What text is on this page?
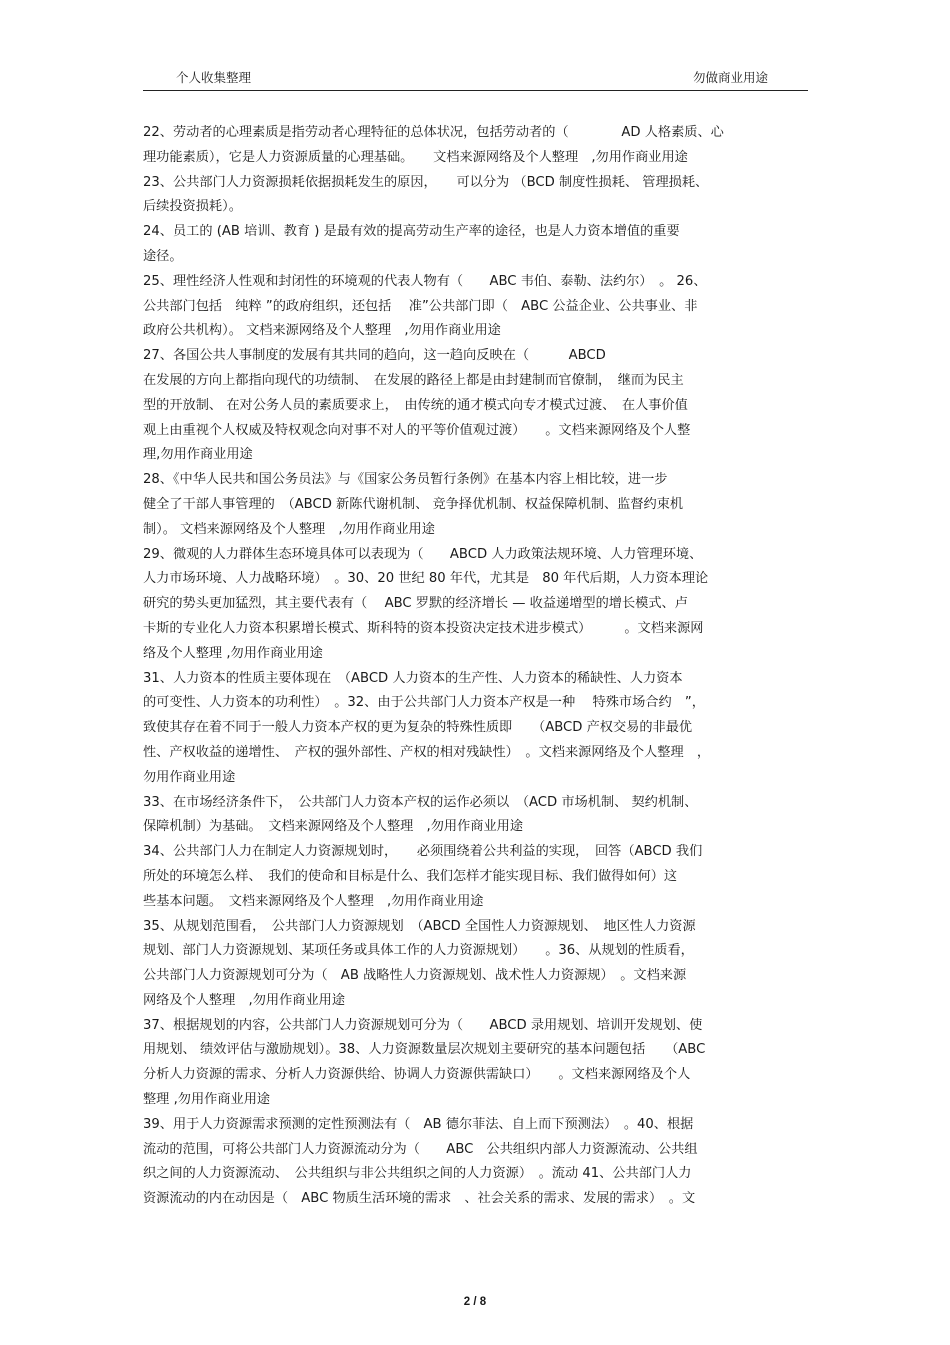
个人收集整理	勿做商业用途
22、劳动者的心理素质是指劳动者心理特征的总体状况，包括劳动者的（　　　　AD 人格素质、心
理功能素质），它是人力资源质量的心理基础。　　文档来源网络及个人整理　,勿用作商业用途
23、公共部门人力资源损耗依据损耗发生的原因，　　可以分为 （BCD 制度性损耗、 管理损耗、
后续投资损耗）。
24、员工的 (AB 培训、教育 ) 是最有效的提高劳动生产率的途径，也是人力资本增值的重要
途径。
25、理性经济人性观和封闭性的环境观的代表人物有（　　ABC 韦伯、泰勒、法约尔）　。 26、
公共部门包括　纯粹 ”的政府组织，还包括　 准”公共部门即（　ABC 公益企业、公共事业、非
政府公共机构）。 文档来源网络及个人整理　,勿用作商业用途
27、各国公共人事制度的发展有其共同的趋向，这一趋向反映在（　　　ABCD
在发展的方向上都指向现代的功绩制、　在发展的路径上都是由封建制而官僚制，　继而为民主
型的开放制、 在对公务人员的素质要求上，　由传统的通才模式向专才模式过渡、　在人事价值
观上由重视个人权威及特权观念向对事不对人的平等价值观过渡）　　。文档来源网络及个人整
理,勿用作商业用途
28、《中华人民共和国公务员法》与《国家公务员暂行条例》在基本内容上相比较，进一步
健全了干部人事管理的　（ABCD 新陈代谢机制、 竞争择优机制、权益保障机制、监督约束机
制）。 文档来源网络及个人整理　,勿用作商业用途
29、微观的人力群体生态环境具体可以表现为（　　ABCD 人力政策法规环境、人力管理环境、
人力市场环境、人力战略环境）　。30、20 世纪 80 年代，尤其是　80 年代后期，人力资本理论
研究的势头更加猛烈，其主要代表有（　 ABC 罗默的经济增长 — 收益递增型的增长模式、卢
卡斯的专业化人力资本积累增长模式、斯科特的资本投资决定技术进步模式）　　　。文档来源网
络及个人整理 ,勿用作商业用途
31、人力资本的性质主要体现在　（ABCD 人力资本的生产性、人力资本的稀缺性、人力资本
的可变性、人力资本的功利性）　。32、由于公共部门人力资本产权是一种　 特殊市场合约　”，
致使其存在着不同于一般人力资本产权的更为复杂的特殊性质即　　（ABCD 产权交易的非最优
性、产权收益的递增性、　产权的强外部性、产权的相对残缺性）　。文档来源网络及个人整理　，
勿用作商业用途
33、在市场经济条件下，　公共部门人力资本产权的运作必须以　（ACD 市场机制、 契约机制、
保障机制）为基础。　文档来源网络及个人整理　,勿用作商业用途
34、公共部门人力在制定人力资源规划时，　　必须围绕着公共利益的实现，　回答（ABCD 我们
所处的环境怎么样、　我们的使命和目标是什么、我们怎样才能实现目标、我们做得如何）这
些基本问题。　文档来源网络及个人整理　,勿用作商业用途
35、从规划范围看，　公共部门人力资源规划　（ABCD 全国性人力资源规划、　地区性人力资源
规划、部门人力资源规划、某项任务或具体工作的人力资源规划）　　。36、从规划的性质看，
公共部门人力资源规划可分为（　AB 战略性人力资源规划、战术性人力资源规）　。文档来源
网络及个人整理　,勿用作商业用途
37、根据规划的内容，公共部门人力资源规划可分为（　　ABCD 录用规划、培训开发规划、使
用规划、 绩效评估与激励规划）。38、人力资源数量层次规划主要研究的基本问题包括　　（ABC
分析人力资源的需求、分析人力资源供给、协调人力资源供需缺口）　　。文档来源网络及个人
整理 ,勿用作商业用途
39、用于人力资源需求预测的定性预测法有（　AB 德尔菲法、自上而下预测法）　。40、根据
流动的范围，可将公共部门人力资源流动分为（　　ABC　公共组织内部人力资源流动、公共组
织之间的人力资源流动、　公共组织与非公共组织之间的人力资源）　。流动 41、公共部门人力
资源流动的内在动因是（　ABC 物质生活环境的需求　、社会关系的需求、发展的需求）　。文
2 / 8
